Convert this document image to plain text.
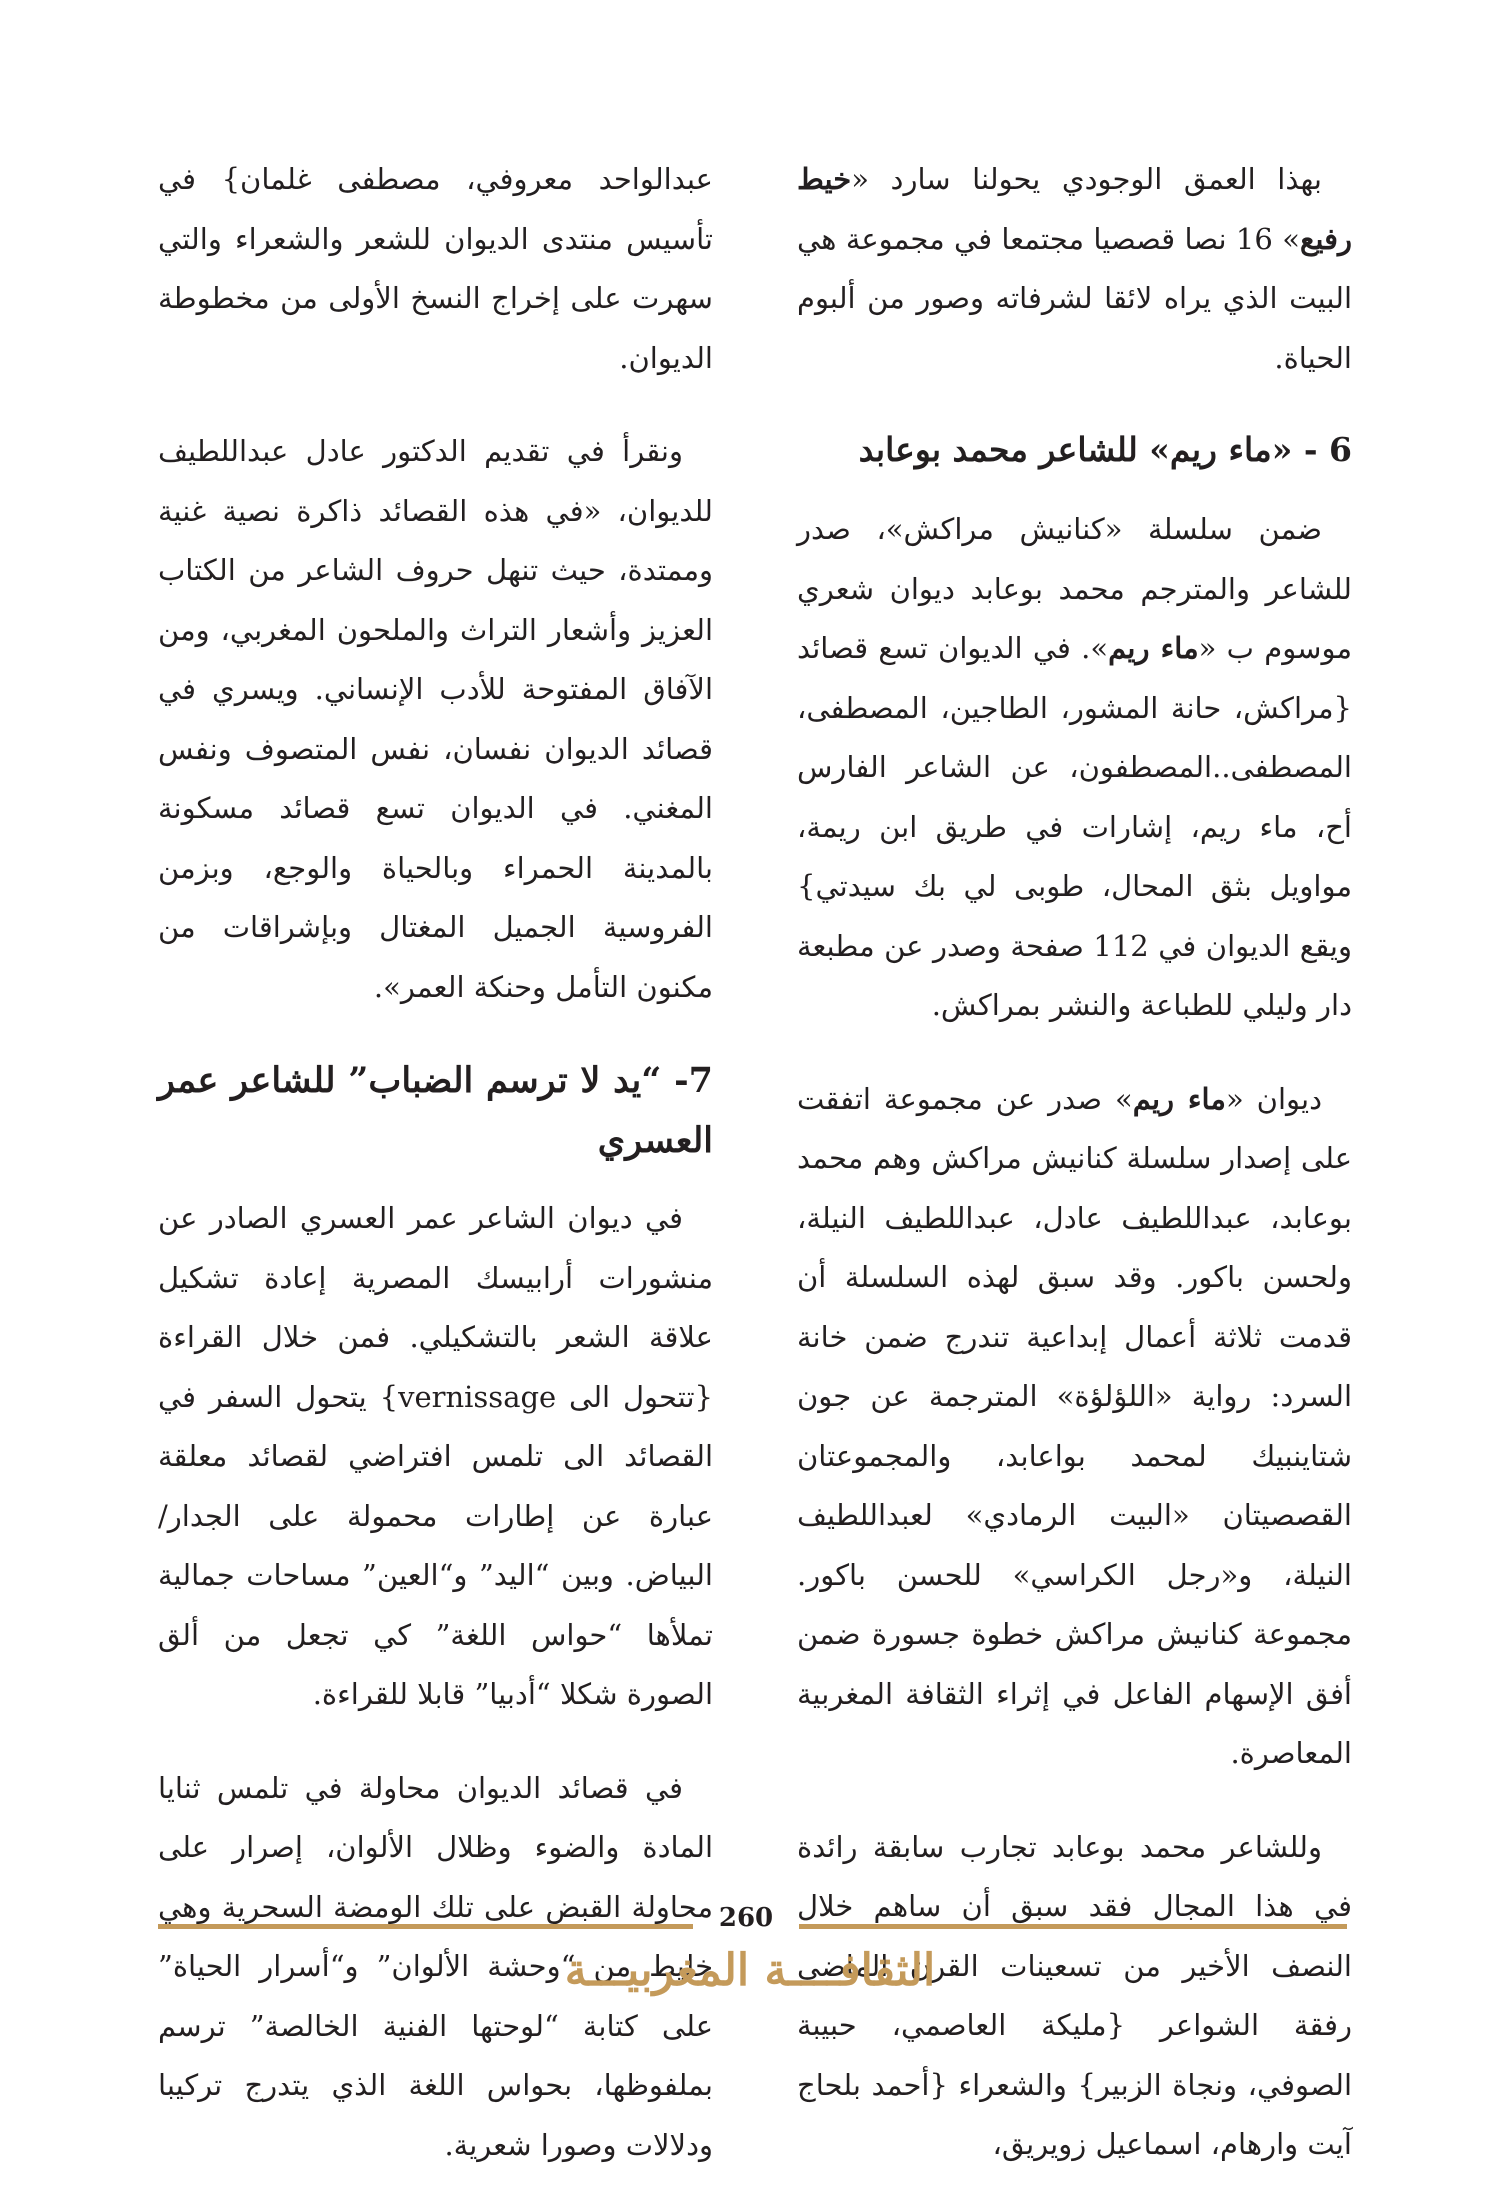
بهذا العمق الوجودي يحولنا سارد «خيط رفيع» 16 نصا قصصيا مجتمعا في مجموعة هي البيت الذي يراه لائقا لشرفاته وصور من ألبوم الحياة.

6 - «ماء ريم» للشاعر محمد بوعابد

ضمن سلسلة «كنانيش مراكش»، صدر للشاعر والمترجم محمد بوعابد ديوان شعري موسوم ب «ماء ريم». في الديوان تسع قصائد {مراكش، حانة المشور، الطاجين، المصطفى، المصطفى..المصطفون، عن الشاعر الفارس أح، ماء ريم، إشارات في طريق ابن ريمة، مواويل بثق المحال، طوبى لي بك سيدتي} ويقع الديوان في 112 صفحة وصدر عن مطبعة دار وليلي للطباعة والنشر بمراكش.

ديوان «ماء ريم» صدر عن مجموعة اتفقت على إصدار سلسلة كنانيش مراكش وهم محمد بوعابد، عبداللطيف عادل، عبداللطيف النيلة، ولحسن باكور. وقد سبق لهذه السلسلة أن قدمت ثلاثة أعمال إبداعية تندرج ضمن خانة السرد: رواية «اللؤلؤة» المترجمة عن جون شتاينبيك لمحمد بواعابد، والمجموعتان القصصيتان «البيت الرمادي» لعبداللطيف النيلة، و«رجل الكراسي» للحسن باكور. مجموعة كنانيش مراكش خطوة جسورة ضمن أفق الإسهام الفاعل في إثراء الثقافة المغربية المعاصرة.

وللشاعر محمد بوعابد تجارب سابقة رائدة في هذا المجال فقد سبق أن ساهم خلال النصف الأخير من تسعينات القرن الماضي رفقة الشواعر {مليكة العاصمي، حبيبة الصوفي، ونجاة الزبير} والشعراء {أحمد بلحاج آيت وارهام، اسماعيل زويريق،

عبدالواحد معروفي، مصطفى غلمان} في تأسيس منتدى الديوان للشعر والشعراء والتي سهرت على إخراج النسخ الأولى من مخطوطة الديوان.

ونقرأ في تقديم الدكتور عادل عبداللطيف للديوان، «في هذه القصائد ذاكرة نصية غنية وممتدة، حيث تنهل حروف الشاعر من الكتاب العزيز وأشعار التراث والملحون المغربي، ومن الآفاق المفتوحة للأدب الإنساني. ويسري في قصائد الديوان نفسان، نفس المتصوف ونفس المغني. في الديوان تسع قصائد مسكونة بالمدينة الحمراء وبالحياة والوجع، وبزمن الفروسية الجميل المغتال وبإشراقات من مكنون التأمل وحنكة العمر».

7- “يد لا ترسم الضباب” للشاعر عمر العسري

في ديوان الشاعر عمر العسري الصادر عن منشورات أرابيسك المصرية إعادة تشكيل علاقة الشعر بالتشكيلي. فمن خلال القراءة {تتحول الى vernissage} يتحول السفر في القصائد الى تلمس افتراضي لقصائد معلقة عبارة عن إطارات محمولة على الجدار/ البياض. وبين “اليد” و“العين” مساحات جمالية تملأها “حواس اللغة” كي تجعل من ألق الصورة شكلا “أدبيا” قابلا للقراءة.

في قصائد الديوان محاولة في تلمس ثنايا المادة والضوء وظلال الألوان، إصرار على محاولة القبض على تلك الومضة السحرية وهي خليط من “وحشة الألوان” و“أسرار الحياة” على كتابة “لوحتها الفنية الخالصة” ترسم بملفوظها، بحواس اللغة الذي يتدرج تركيبا ودلالات وصورا شعرية.

260
الثقافــــة المغربيـــة
